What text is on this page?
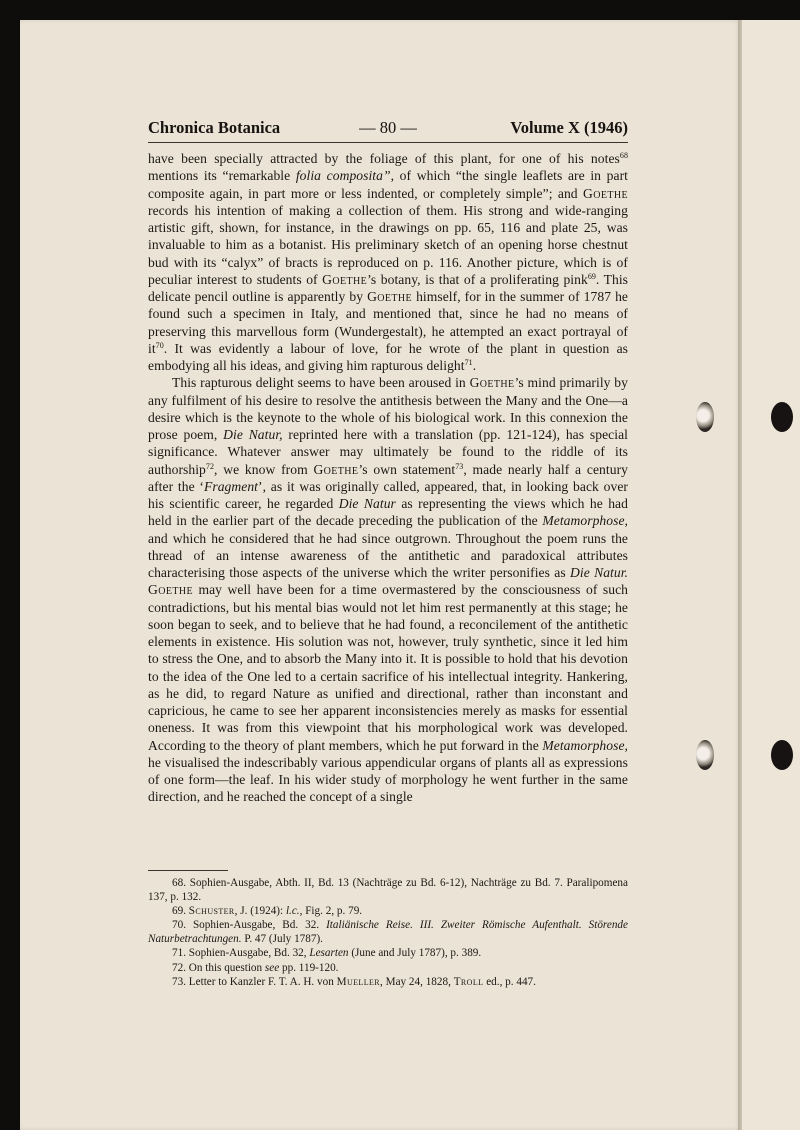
Chronica Botanica	— 80 —	Volume X (1946)

have been specially attracted by the foliage of this plant, for one of his notes$^{68}$ mentions its “remarkable folia composita”, of which “the single leaflets are in part composite again, in part more or less indented, or completely simple”; and Goethe records his intention of making a collection of them. His strong and wide-ranging artistic gift, shown, for instance, in the drawings on pp. 65, 116 and plate 25, was invaluable to him as a botanist. His preliminary sketch of an opening horse chestnut bud with its “calyx” of bracts is reproduced on p. 116. Another picture, which is of peculiar interest to students of Goethe’s botany, is that of a proliferating pink$^{69}$. This delicate pencil outline is apparently by Goethe himself, for in the summer of 1787 he found such a specimen in Italy, and mentioned that, since he had no means of preserving this marvellous form (Wundergestalt), he attempted an exact portrayal of $it^{70}$. It was evidently a labour of love, for he wrote of the plant in question as embodying all his ideas, and giving him rapturous delight$^{71}$.

This rapturous delight seems to have been aroused in Goethe’s mind primarily by any fulfilment of his desire to resolve the antithesis between the Many and the One—a desire which is the keynote to the whole of his biological work. In this connexion the prose poem, Die Natur, reprinted here with a translation (pp. 121-124), has special significance. Whatever answer may ultimately be found to the riddle of its authorship$^{72}$, we know from Goethe’s own statement$^{73}$, made nearly half a century after the ‘Fragment’, as it was originally called, appeared, that, in looking back over his scientific career, he regarded Die Natur as representing the views which he had held in the earlier part of the decade preceding the publication of the Metamorphose, and which he considered that he had since outgrown. Throughout the poem runs the thread of an intense awareness of the antithetic and paradoxical attributes characterising those aspects of the universe which the writer personifies as Die Natur. Goethe may well have been for a time overmastered by the consciousness of such contradictions, but his mental bias would not let him rest permanently at this stage; he soon began to seek, and to believe that he had found, a reconcilement of the antithetic elements in existence. His solution was not, however, truly synthetic, since it led him to stress the One, and to absorb the Many into it. It is possible to hold that his devotion to the idea of the One led to a certain sacrifice of his intellectual integrity. Hankering, as he did, to regard Nature as unified and directional, rather than inconstant and capricious, he came to see her apparent inconsistencies merely as masks for essential oneness. It was from this viewpoint that his morphological work was developed. According to the theory of plant members, which he put forward in the Metamorphose, he visualised the indescribably various appendicular organs of plants all as expressions of one form—the leaf. In his wider study of morphology he went further in the same direction, and he reached the concept of a single

68. Sophien-Ausgabe, Abth. II, Bd. 13 (Nachträge zu Bd. 6-12), Nachträge zu Bd. 7. Paralipomena 137, p. 132.

69. Schuster, J. (1924): l.c., Fig. 2, p. 79.

70. Sophien-Ausgabe, Bd. 32. Italiänische Reise. III. Zweiter Römische Aufenthalt. Störende Naturbetrachtungen. P. 47 (July 1787).

71. Sophien-Ausgabe, Bd. 32, Lesarten (June and July 1787), p. 389.

72. On this question see pp. 119-120.

73. Letter to Kanzler F. T. A. H. von Mueller, May 24, 1828, Troll ed., p. 447.
